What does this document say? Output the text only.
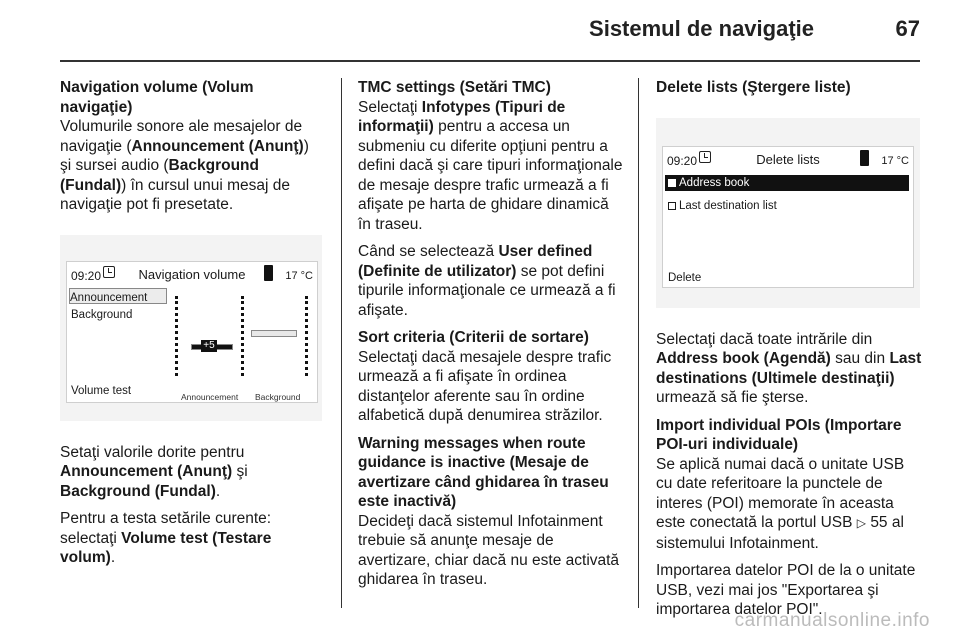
Sistemul de navigaţie	67
Navigation volume (Volum navigaţie)

Volumurile sonore ale mesajelor de navigaţie (Announcement (Anunţ)) şi sursei audio (Background (Fundal)) în cursul unui mesaj de navigaţie pot fi presetate.

09:20	Navigation volume	17 °C
Announcement
Background
Volume test
+5
Announcement Background

Setaţi valorile dorite pentru Announcement (Anunţ) şi Background (Fundal).

Pentru a testa setările curente: selectaţi Volume test (Testare volum).

TMC settings (Setări TMC)

Selectaţi Infotypes (Tipuri de informaţii) pentru a accesa un submeniu cu diferite opţiuni pentru a defini dacă şi care tipuri informaţionale de mesaje despre trafic urmează a fi afişate pe harta de ghidare dinamică în traseu.

Când se selectează User defined (Definite de utilizator) se pot defini tipurile informaţionale ce urmează a fi afişate.

Sort criteria (Criterii de sortare)

Selectaţi dacă mesajele despre trafic urmează a fi afişate în ordinea distanţelor aferente sau în ordine alfabetică după denumirea străzilor.

Warning messages when route guidance is inactive (Mesaje de avertizare când ghidarea în traseu este inactivă)

Decideţi dacă sistemul Infotainment trebuie să anunţe mesaje de avertizare, chiar dacă nu este activată ghidarea în traseu.

Delete lists (Ştergere liste)
09:20	Delete lists	17 °C
Address book
Last destination list
Delete

Selectaţi dacă toate intrările din Address book (Agendă) sau din Last destinations (Ultimele destinaţii) urmează să fie şterse.

Import individual POIs (Importare POI-uri individuale)

Se aplică numai dacă o unitate USB cu date referitoare la punctele de interes (POI) memorate în aceasta este conectată la portul USB ▷ 55 al sistemului Infotainment.

Importarea datelor POI de la o unitate USB, vezi mai jos "Exportarea şi importarea datelor POI".

carmanualsonline.info
